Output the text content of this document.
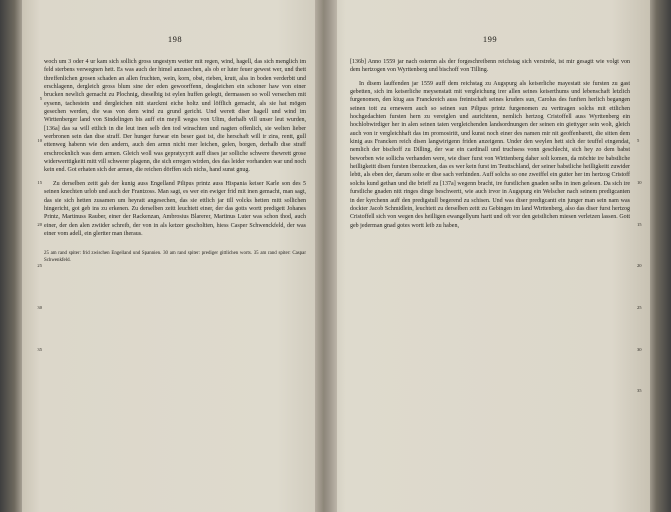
5
10
15
20
25
30
35
198

woch um 3 oder 4 ur kam sich sollich gross ungestym wetter mit regen, wind, hagell, das sich menglich im feld sterbens verwegnen hett. Es was auch der himel anzusechen, als ob er luter feuer gewest wer, und thett threffenlichen grosen schaden an allen fruchten, wein, korn, obst, rieben, krutt, alss in boden verderbtt und erschlagenn, dergleich gross blum sine der eden gewoorffenn, desgleichen ein schoner haw von einer brucken newlich gemacht zu Plochnig, dieselbig ist eylen huffen gelegtt, dermassen so woll versechen mit eysenn, tachestein und dergleichen nitt starckmi eiche holtz und löfflich gemacht, als sie hat mögen gesechen werden, die was von dem wind zu grund gericht. Und werett diser hagell und wind im Wirttenberger land von Sindelingen bis auff ein meyll wegss von Ulim, derhalb vill unser leut wurden, [136a] das sa will ettlich in die leut inen selb den tod winschten und nagten offenlich, sie welten lieber werbronen sein dan dise straff. Der hunger furwar ein beser gast ist, die herschaft will ir zins, rentt, gull ettenweg habenn wie den andern, auch den armn nicht mer leichen, gelen, borgen, derhalb dise straff erschrocknlich was dem armen. Gleich woll was gepratycyrit auff dises jar solliche schwere thewrett grose widerwerttigkeitt mitt vill schwerer plagenn, die sich erregen wirden, des das leider vorhanden war und noch kein end. Got erhaten sich der armen, die reichen dörffen sich nichs, hand sunst gnug.

Zu derselben zeitt gab der kunig auss Engelland Pilipus printz auss Hispania keiser Karle son des 5 seinen knechten urlob und auch der Frantzoss. Man sagt, es wer ein ewiger frid mit inen gemacht, man sagt, das sie sich hetten zusamen um heyratt angesechen, das sie ettlich jar till volcks hetten mitt sollichen hingericht, got geb ins zu erkenen. Zu derselben zeitt leuchtett einer, der das gotts wortt predigett Johanes Printz, Martinuss Rauber, einer der Rackenzan, Ambrosius Blarerer, Martinus Luter was schon thod, auch einer, der den alen zwiider schreib, der von in als ketzer gescholtten, hiess Casper Schwenckfeld, der was einer vom adell, ein glertter man iheraus.

25 am rand spiter: frid zwischen Engelland und Spannien. 30 am rand spiter: prediger gittlichen worts. 35 am rand spiter: Caspar Schwenkfeld.
5
10
15
20
25
30
35
199

[136b] Anno 1559 jar nach osternn als der forgeschreibenn reichstag sich verstrekt, ist mir gesagtt wie volgt von dem hertzogen von Wyrttenberg und bischoff von Tilling.

In disem lauffenden jar 1559 auff dem reichstag zu Augspurg als keiserliche mayestatt sie fursten zu gast gebetten, sich im keiserliche meysenstatt mit vergleichung irer allen seines keiserthums und lebenschaft letzlich furgenomen, den kiug aus Franckreich auss freintschaft seines kruders sun, Carolus des funften herlich begangen seinen tott zu ernewern auch so seinen sun Pilipus printz furgenomen zu verttragen solchs mit ettlichen hochgedachten fursten hern zu vereiglen und aurichtenn, nemlich hertzog Cristoffell auss Wyrttenberg ein hochlobwirdiger her in alen seinen taten vergleichenden landsordnungen der seinen ein giettyger sein wolt, gleich auch von ir vergleichhaft das im promosiritt, und kunst noch einer des namen mir nit geoffenbarett, die sitten dem kinig aus Francken reich disen langwirigenn friden anzeigenn. Under den weylen hett sich der teuffel eingendat, nemlich der bischoff zu Dilling, der war ein cardinall und truchsess vonn geschlecht, sich hey zo dem babst beworben wie sollichs verhanden were, wie diser furst von Wirttenberg daher solt komen, da möchte ire babstliche heilligkeitt disen fursten iberzucken, das es wer kein furst im Teuttschland, der seiner babstliche heilligkeitt zuwider lebtt, als eben der, darum solte er dise sach verhinden. Auff solchs so one zweiffel ein gutter her im hertzog Cristoff solchs kund gethan und die brieff zu [137a] wegenn bracht, ire furstlichen gnaden selbs in inen gelesen. Da sich ire furstliche gnaden nitt ringes dinge beschwertt, wie auch irvor in Augspurg ein Welscher nach seinem predigcanten in der kyrchenn auff den predigstull begerend zu schisen. Und was diser predigcantt ein junger man sein nam was dockter Jacob Schmidlein, leuchtett zu derselben zeitt zu Gebingen im land Wirttenberg, also das diser furst hertzog Cristoffell sich von wegen des heilligen ewangellyum hartt und oft vor den geistlichen miesen verletzen lassen. Gott geb jederman gnad gotes wortt leib zu haben,
